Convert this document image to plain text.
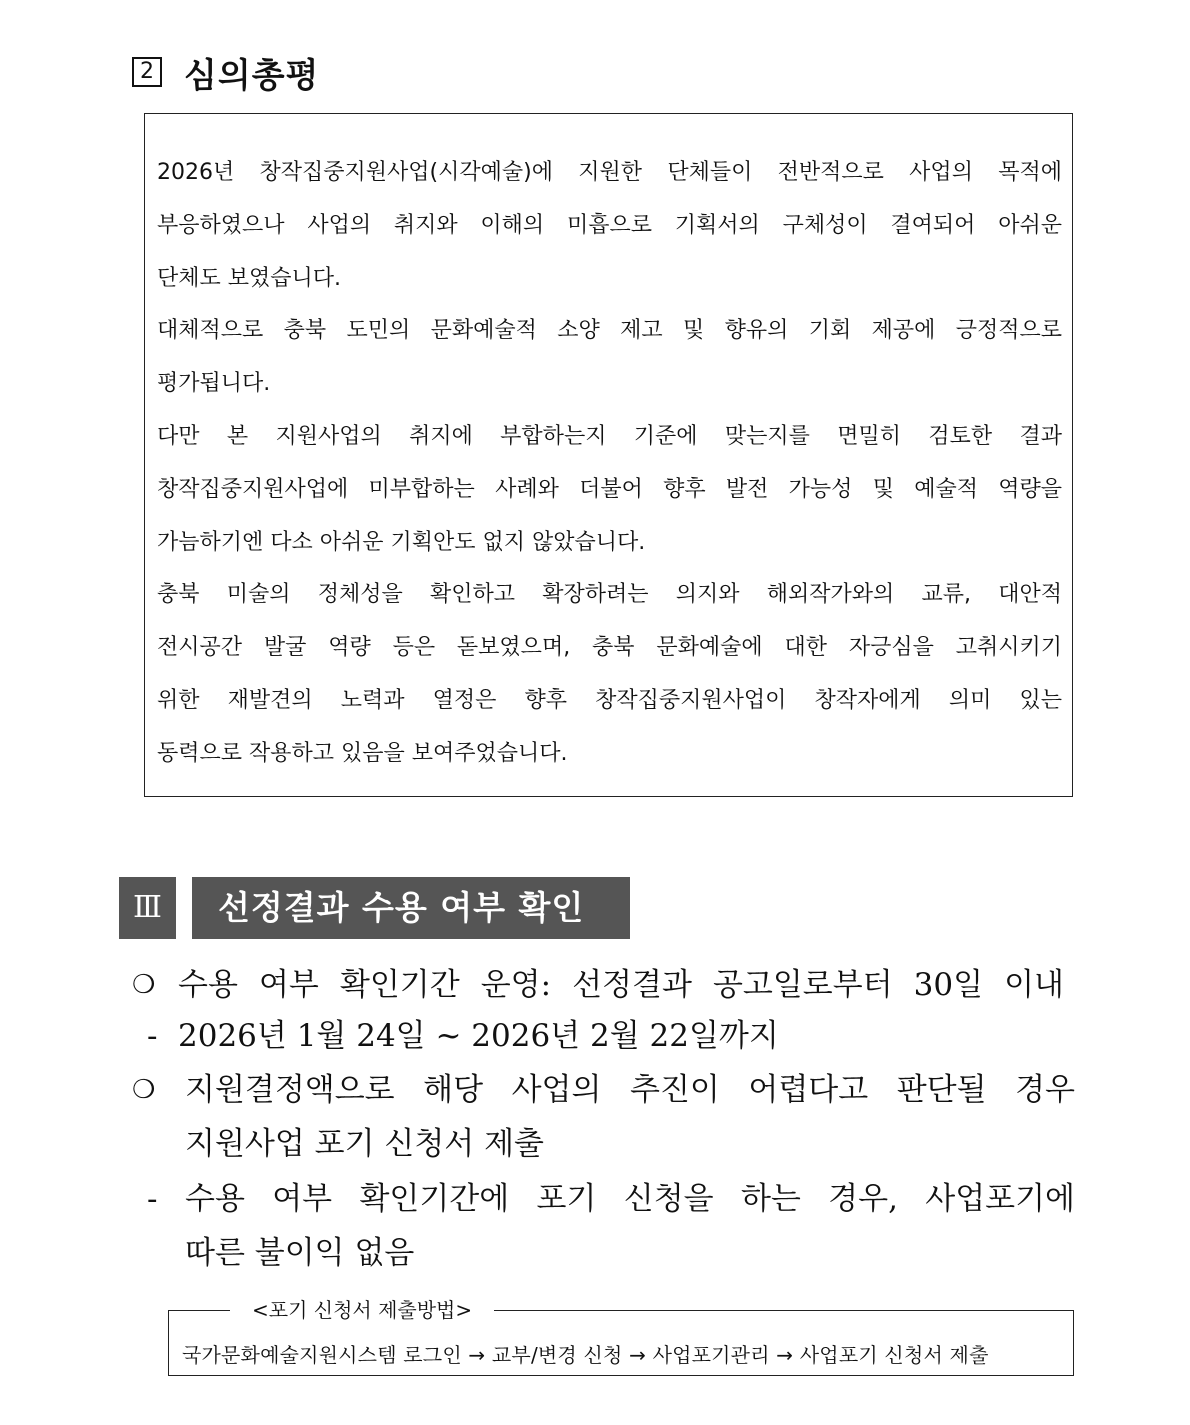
2 심의총평
2026년 창작집중지원사업(시각예술)에 지원한 단체들이 전반적으로 사업의 목적에
부응하였으나 사업의 취지와 이해의 미흡으로 기획서의 구체성이 결여되어 아쉬운
단체도 보였습니다.
대체적으로 충북 도민의 문화예술적 소양 제고 및 향유의 기회 제공에 긍정적으로
평가됩니다.
다만 본 지원사업의 취지에 부합하는지 기준에 맞는지를 면밀히 검토한 결과
창작집중지원사업에 미부합하는 사례와 더불어 향후 발전 가능성 및 예술적 역량을
가늠하기엔 다소 아쉬운 기획안도 없지 않았습니다.
충북 미술의 정체성을 확인하고 확장하려는 의지와 해외작가와의 교류, 대안적
전시공간 발굴 역량 등은 돋보였으며, 충북 문화예술에 대한 자긍심을 고취시키기
위한 재발견의 노력과 열정은 향후 창작집중지원사업이 창작자에게 의미 있는
동력으로 작용하고 있음을 보여주었습니다.
Ⅲ	선정결과 수용 여부 확인
❍ 수용 여부 확인기간 운영: 선정결과 공고일로부터 30일 이내
- 2026년 1월 24일 ~ 2026년 2월 22일까지
❍ 지원결정액으로 해당 사업의 추진이 어렵다고 판단될 경우
지원사업 포기 신청서 제출
- 수용 여부 확인기간에 포기 신청을 하는 경우, 사업포기에
따른 불이익 없음
<포기 신청서 제출방법>
국가문화예술지원시스템 로그인 → 교부/변경 신청 → 사업포기관리 → 사업포기 신청서 제출
